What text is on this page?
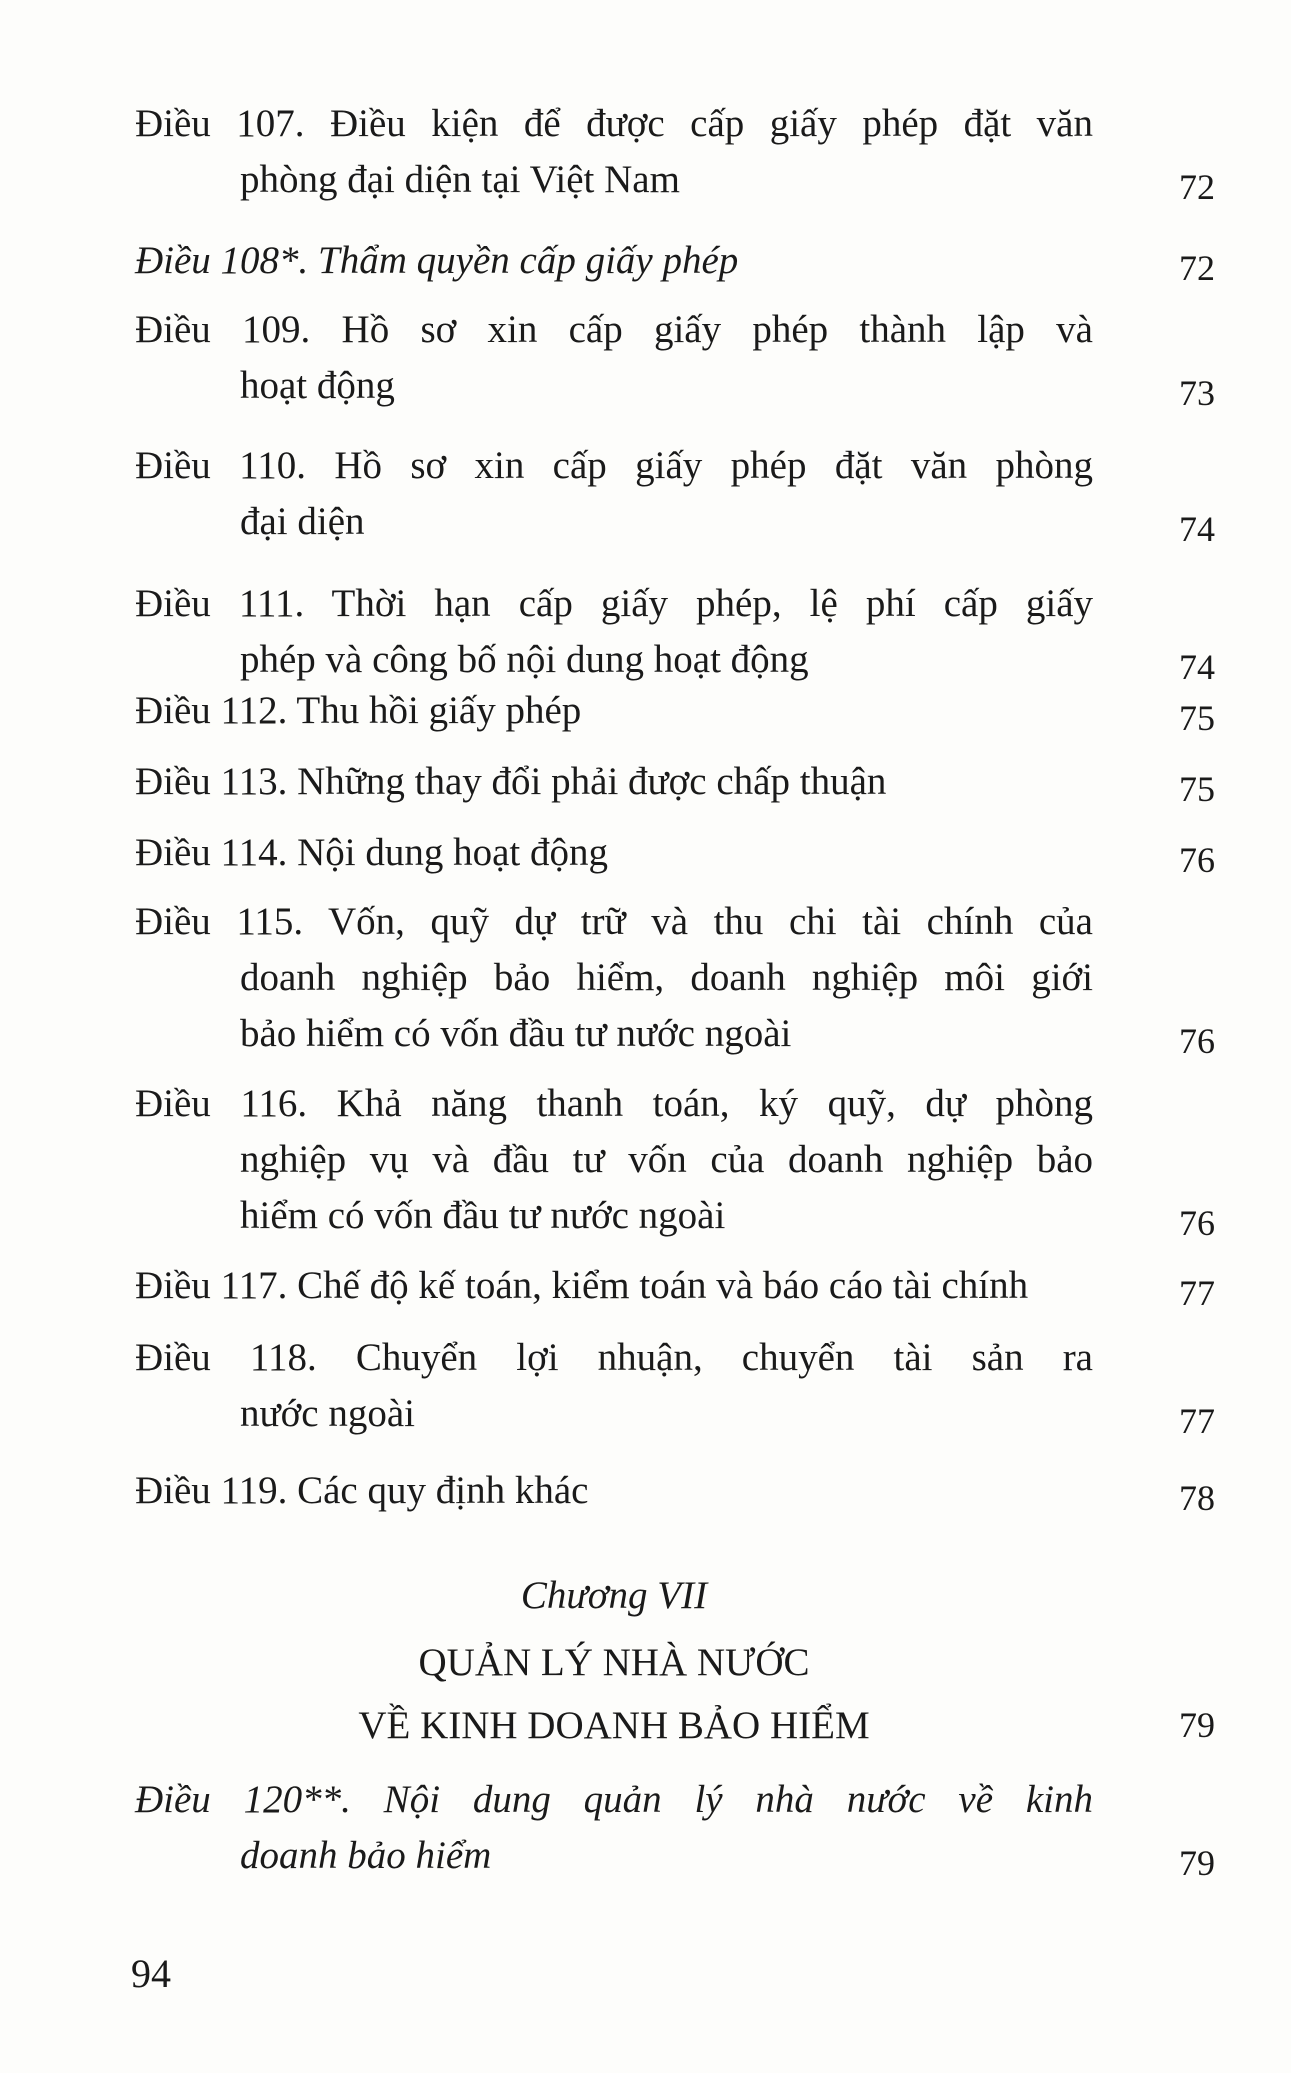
Điều 107. Điều kiện để được cấp giấy phép đặt văn
phòng đại diện tại Việt Nam	72
Điều 108*. Thẩm quyền cấp giấy phép	72
Điều 109. Hồ sơ xin cấp giấy phép thành lập và
hoạt động	73
Điều 110. Hồ sơ xin cấp giấy phép đặt văn phòng
đại diện	74
Điều 111. Thời hạn cấp giấy phép, lệ phí cấp giấy
phép và công bố nội dung hoạt động	74
Điều 112. Thu hồi giấy phép	75
Điều 113. Những thay đổi phải được chấp thuận	75
Điều 114. Nội dung hoạt động	76
Điều 115. Vốn, quỹ dự trữ và thu chi tài chính của
doanh nghiệp bảo hiểm, doanh nghiệp môi giới
bảo hiểm có vốn đầu tư nước ngoài	76
Điều 116. Khả năng thanh toán, ký quỹ, dự phòng
nghiệp vụ và đầu tư vốn của doanh nghiệp bảo
hiểm có vốn đầu tư nước ngoài	76
Điều 117. Chế độ kế toán, kiểm toán và báo cáo tài chính	77
Điều 118. Chuyển lợi nhuận, chuyển tài sản ra
nước ngoài	77
Điều 119. Các quy định khác	78
Chương VII
QUẢN LÝ NHÀ NƯỚC
VỀ KINH DOANH BẢO HIỂM	79
Điều 120**. Nội dung quản lý nhà nước về kinh
doanh bảo hiểm	79
94
